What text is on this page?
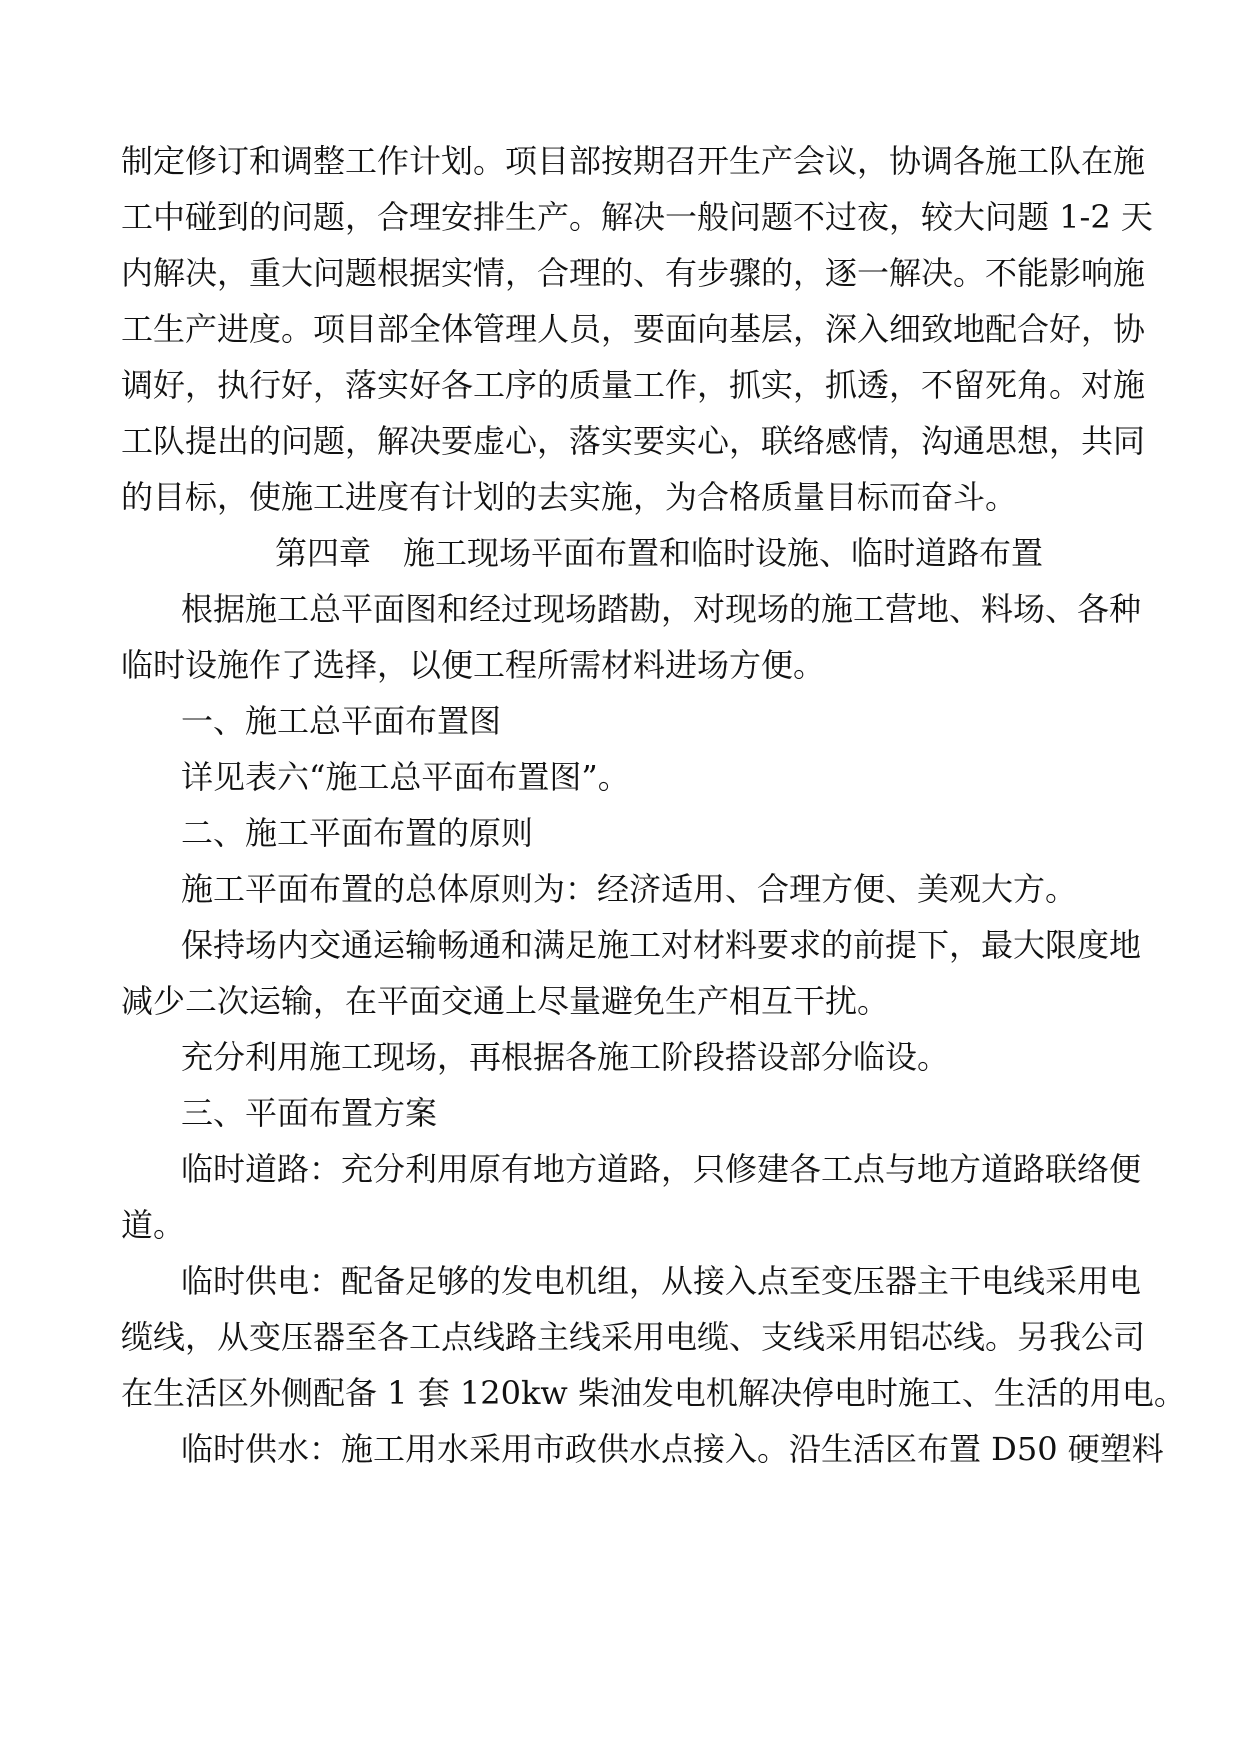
制定修订和调整工作计划。项目部按期召开生产会议，协调各施工队在施
工中碰到的问题，合理安排生产。解决一般问题不过夜，较大问题 1-2 天
内解决，重大问题根据实情，合理的、有步骤的，逐一解决。不能影响施
工生产进度。项目部全体管理人员，要面向基层，深入细致地配合好，协
调好，执行好，落实好各工序的质量工作，抓实，抓透，不留死角。对施
工队提出的问题，解决要虚心，落实要实心，联络感情，沟通思想，共同
的目标，使施工进度有计划的去实施，为合格质量目标而奋斗。
第四章　施工现场平面布置和临时设施、临时道路布置
根据施工总平面图和经过现场踏勘，对现场的施工营地、料场、各种
临时设施作了选择，以便工程所需材料进场方便。
一、施工总平面布置图
详见表六“施工总平面布置图”。
二、施工平面布置的原则
施工平面布置的总体原则为：经济适用、合理方便、美观大方。
保持场内交通运输畅通和满足施工对材料要求的前提下，最大限度地
减少二次运输，在平面交通上尽量避免生产相互干扰。
充分利用施工现场，再根据各施工阶段搭设部分临设。
三、平面布置方案
临时道路：充分利用原有地方道路，只修建各工点与地方道路联络便
道。
临时供电：配备足够的发电机组，从接入点至变压器主干电线采用电
缆线，从变压器至各工点线路主线采用电缆、支线采用铝芯线。另我公司
在生活区外侧配备 1 套 120kw 柴油发电机解决停电时施工、生活的用电。
临时供水：施工用水采用市政供水点接入。沿生活区布置 D50 硬塑料
